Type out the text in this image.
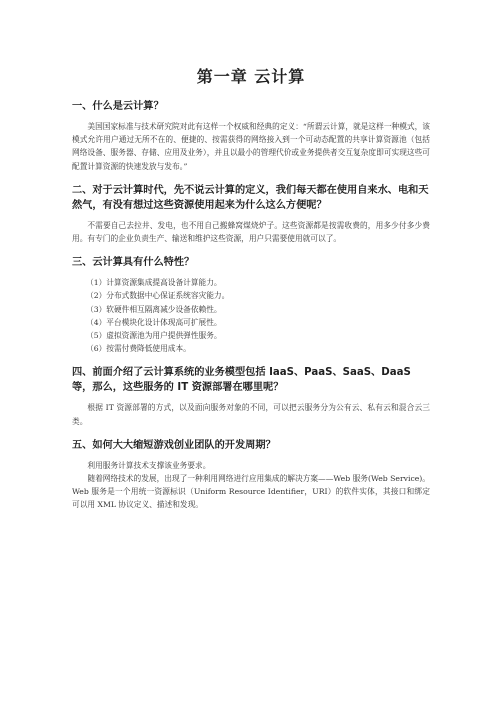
第一章 云计算
一、什么是云计算？

美国国家标准与技术研究院对此有这样一个权威和经典的定义：“所谓云计算，就是这样一种模式，该模式允许用户通过无所不在的、便捷的、按需获得的网络接入到一个可动态配置的共享计算资源池（包括网络设备、服务器、存储、应用及业务），并且以最小的管理代价或业务提供者交互复杂度即可实现这些可配置计算资源的快速发放与发布。”

二、对于云计算时代，先不说云计算的定义，我们每天都在使用自来水、电和天然气，有没有想过这些资源使用起来为什么这么方便呢？

不需要自己去拉井、发电，也不用自己搬蜂窝煤烧炉子。这些资源都是按需收费的，用多少付多少费用。有专门的企业负责生产、输送和维护这些资源，用户只需要使用就可以了。

三、云计算具有什么特性？
（1）计算资源集成提高设备计算能力。
（2）分布式数据中心保证系统容灾能力。
（3）软硬件相互隔离减少设备依赖性。
（4）平台模块化设计体现高可扩展性。
（5）虚拟资源池为用户提供弹性服务。
（6）按需付费降低使用成本。
四、前面介绍了云计算系统的业务模型包括 IaaS、PaaS、SaaS、DaaS 等，那么，这些服务的 IT 资源部署在哪里呢？

根据 IT 资源部署的方式，以及面向服务对象的不同，可以把云服务分为公有云、私有云和混合云三类。

五、如何大大缩短游戏创业团队的开发周期？

利用服务计算技术支撑该业务要求。

随着网络技术的发展，出现了一种利用网络进行应用集成的解决方案——Web 服务(Web Service)。Web 服务是一个用统一资源标识（Uniform Resource Identifier，URI）的软件实体，其接口和绑定可以用 XML 协议定义、描述和发现。
